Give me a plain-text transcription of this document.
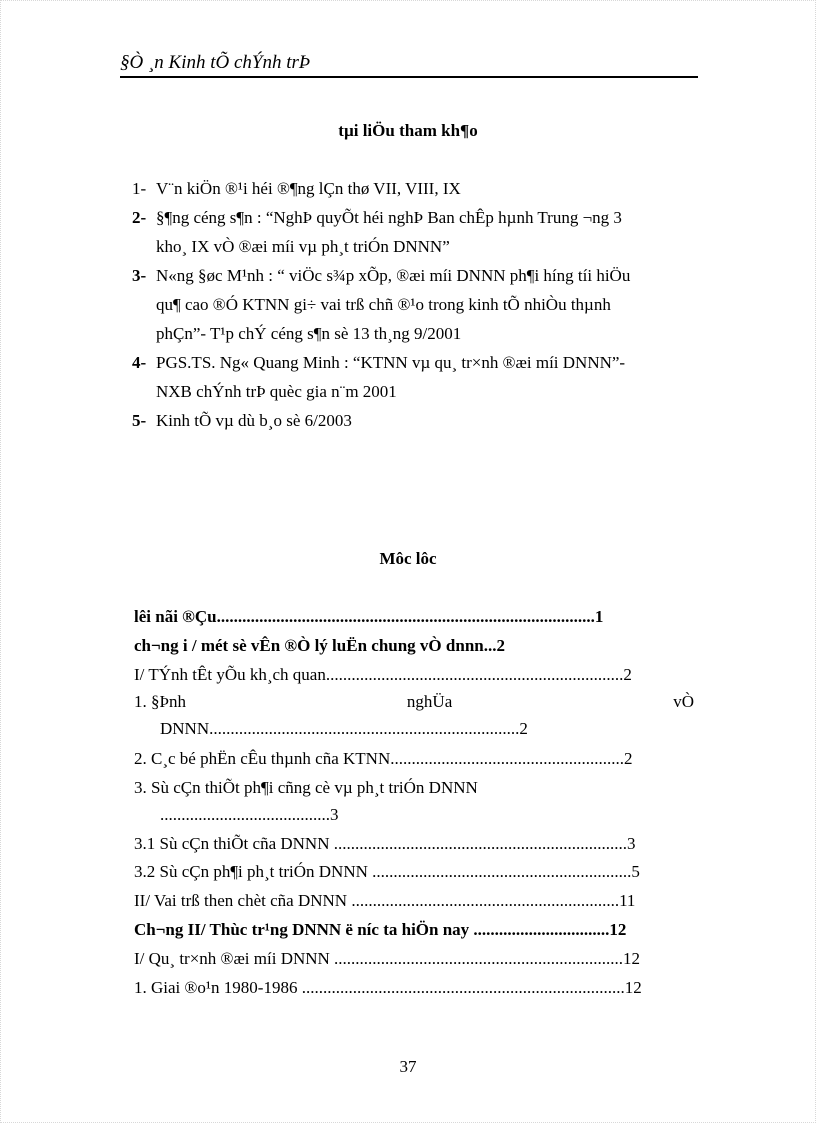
§Ò ¸n Kinh tÕ chÝnh trÞ
tµi liÖu tham kh¶o
1- V¨n kiÖn ®¹i héi ®¶ng lÇn thø VII, VIII, IX
2- §¶ng céng s¶n : “NghÞ quyÕt héi nghÞ Ban chÊp hµnh Trung ¬ng 3
kho¸ IX vÒ ®æi míi vµ ph¸t triÓn DNNN”
3- N«ng §øc M¹nh : “ viÖc s¾p xÕp, ®æi míi DNNN ph¶i híng tíi hiÖu
qu¶ cao ®Ó KTNN gi÷ vai trß chñ ®¹o trong kinh tÕ nhiÒu thµnh
phÇn”- T¹p chÝ céng s¶n sè 13 th¸ng 9/2001
4- PGS.TS. Ng« Quang Minh : “KTNN vµ qu¸ tr×nh ®æi míi DNNN”-
NXB chÝnh trÞ quèc gia n¨m 2001
5- Kinh tÕ vµ dù b¸o sè 6/2003
Môc lôc
lêi nãi ®Çu.........................................................................................1
ch¬ng i / mét sè vÊn ®Ò lý luËn chung vÒ dnnn...2
I/ TÝnh tÊt yÕu kh¸ch quan......................................................................2
1. §Þnh	nghÜa	vÒ
DNNN.........................................................................2
2. C¸c bé phËn cÊu thµnh cña KTNN.......................................................2
3. Sù cÇn thiÕt ph¶i cñng cè vµ ph¸t triÓn DNNN
........................................3
3.1 Sù cÇn thiÕt cña DNNN .....................................................................3
3.2 Sù cÇn ph¶i ph¸t triÓn DNNN .............................................................5
II/ Vai trß then chèt cña DNNN ...............................................................11
Ch¬ng II/ Thùc tr¹ng DNNN ë níc ta hiÖn nay ................................12
I/ Qu¸ tr×nh ®æi míi DNNN ....................................................................12
1. Giai ®o¹n 1980-1986 ............................................................................12
37
